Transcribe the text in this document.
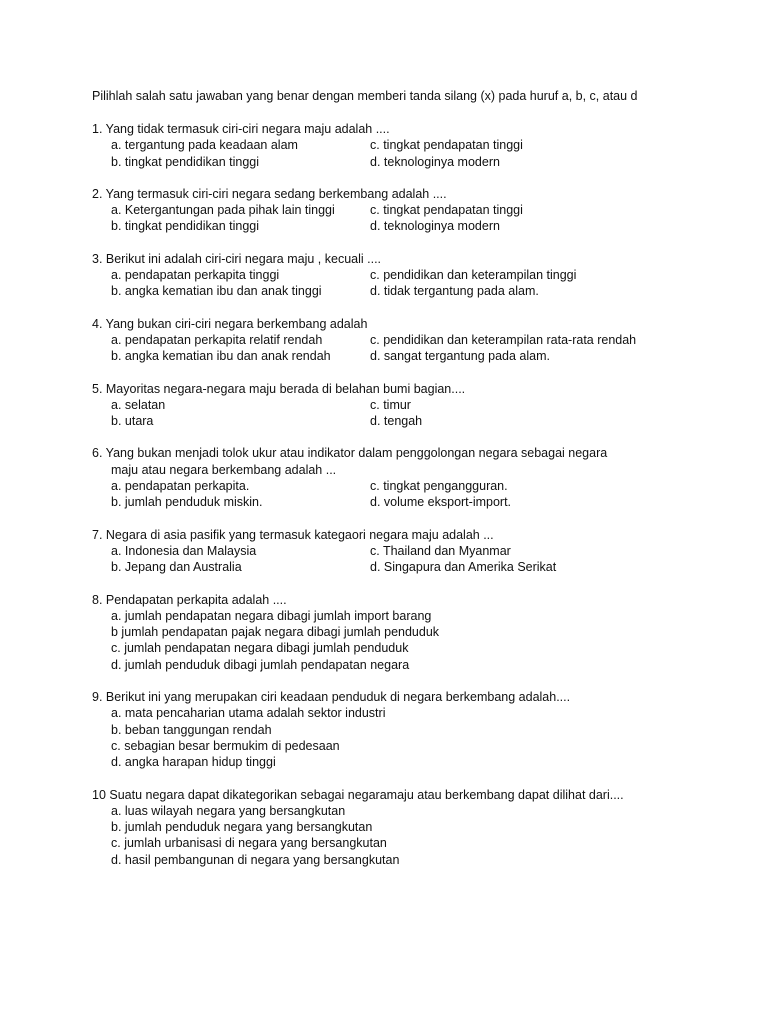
Pilihlah salah satu jawaban yang benar dengan memberi tanda silang (x) pada huruf a, b, c, atau d
1. Yang tidak termasuk ciri-ciri negara maju adalah ....
a. tergantung pada keadaan alam	c. tingkat pendapatan tinggi
b. tingkat pendidikan tinggi	d. teknologinya modern
2. Yang termasuk ciri-ciri negara sedang berkembang adalah ....
a. Ketergantungan pada pihak lain tinggi	c. tingkat pendapatan tinggi
b. tingkat pendidikan tinggi	d. teknologinya modern
3. Berikut ini adalah ciri-ciri negara maju , kecuali ....
a. pendapatan perkapita tinggi	c. pendidikan dan keterampilan tinggi
b. angka kematian ibu dan anak tinggi	d. tidak tergantung pada alam.
4. Yang bukan ciri-ciri negara berkembang adalah
a. pendapatan perkapita relatif rendah	c. pendidikan dan keterampilan rata-rata rendah
b. angka kematian ibu dan anak rendah	d. sangat tergantung pada alam.
5. Mayoritas negara-negara maju berada di belahan bumi bagian....
a. selatan	c. timur
b. utara	d. tengah
6. Yang bukan menjadi tolok ukur atau indikator dalam penggolongan negara sebagai negara
maju atau negara berkembang adalah ...
a. pendapatan perkapita.	c. tingkat pengangguran.
b. jumlah penduduk miskin.	d. volume eksport-import.
7. Negara di asia pasifik yang termasuk kategaori negara maju adalah ...
a. Indonesia dan Malaysia	c. Thailand dan Myanmar
b. Jepang dan Australia	d. Singapura dan Amerika Serikat
8. Pendapatan perkapita adalah ....
a. jumlah pendapatan negara dibagi jumlah import barang
b jumlah pendapatan pajak negara dibagi jumlah penduduk
c. jumlah pendapatan negara dibagi jumlah penduduk
d. jumlah penduduk dibagi jumlah pendapatan negara
9. Berikut ini yang merupakan ciri keadaan penduduk di negara berkembang adalah....
a. mata pencaharian utama adalah sektor industri
b. beban tanggungan rendah
c. sebagian besar bermukim di pedesaan
d. angka harapan hidup tinggi
10 Suatu negara dapat dikategorikan sebagai negaramaju atau berkembang dapat dilihat dari....
a. luas wilayah negara yang bersangkutan
b. jumlah penduduk negara yang bersangkutan
c. jumlah urbanisasi di negara yang bersangkutan
d. hasil pembangunan di negara yang bersangkutan
